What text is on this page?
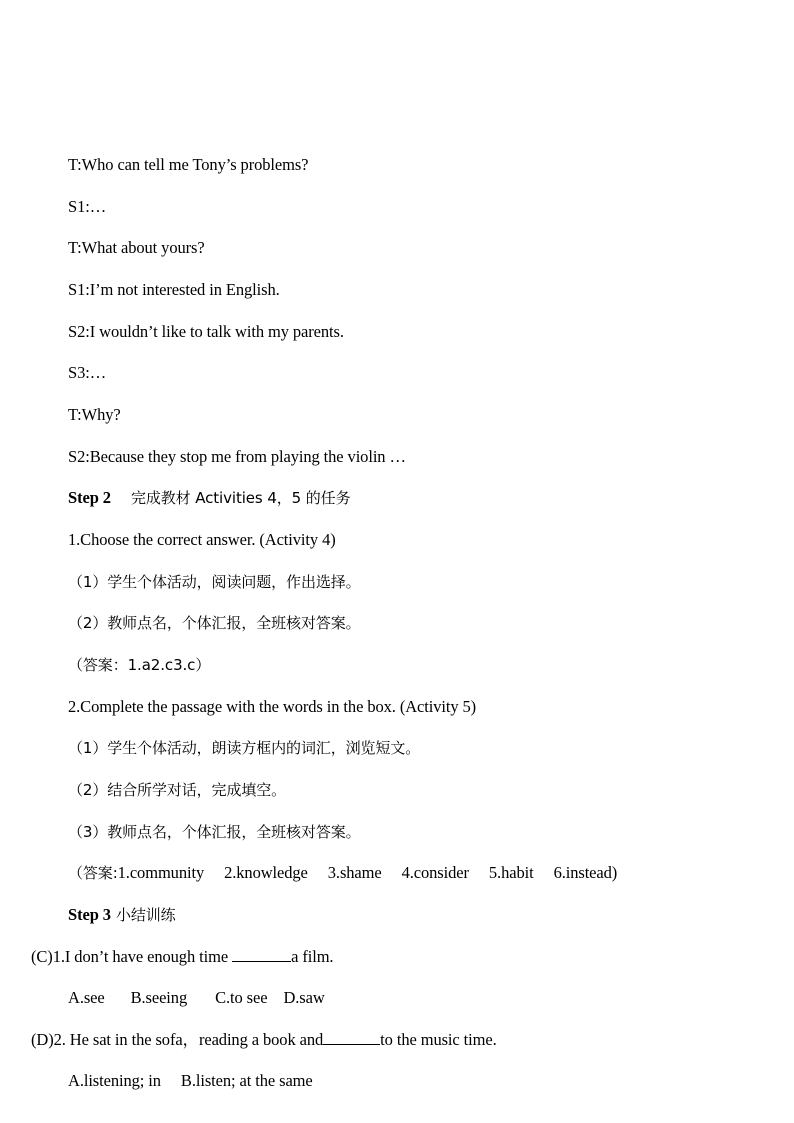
T:Who can tell me Tony’s problems?
S1:…
T:What about yours?
S1:I’m not interested in English.
S2:I wouldn’t like to talk with my parents.
S3:…
T:Why?
S2:Because they stop me from playing the violin …
Step 2 完成教材 Activities 4，5 的任务
1.Choose the correct answer. (Activity 4)
（1）学生个体活动，阅读问题，作出选择。
（2）教师点名，个体汇报，全班核对答案。
（答案：1.a2.c3.c）
2.Complete the passage with the words in the box. (Activity 5)
（1）学生个体活动，朗读方框内的词汇，浏览短文。
（2）结合所学对话，完成填空。
（3）教师点名，个体汇报，全班核对答案。
（答案:1.community 2.knowledge 3.shame 4.consider 5.habit 6.instead)
Step 3 小结训练
(C)1.I don’t have enough time	a film.
A.see B.seeing C.to see D.saw
(D)2. He sat in the sofa，reading a book and	to the music time.
A.listening; in B.listen; at the same
